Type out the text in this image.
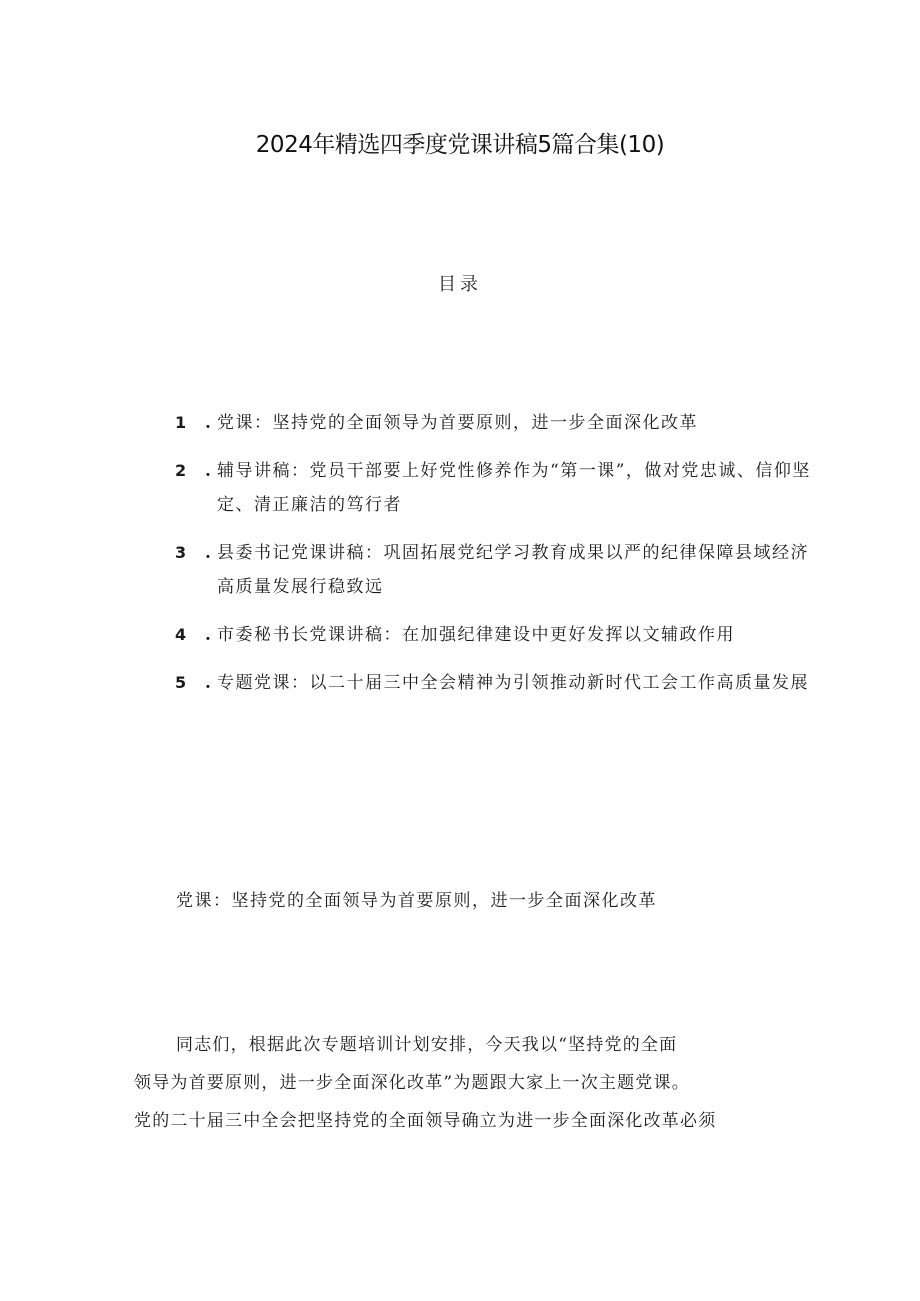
2024年精选四季度党课讲稿5篇合集(10)
目录
1	. 党课：坚持党的全面领导为首要原则，进一步全面深化改革
2	. 辅导讲稿：党员干部要上好党性修养作为“第一课”，做对党忠诚、信仰坚定、清正廉洁的笃行者
3	. 县委书记党课讲稿：巩固拓展党纪学习教育成果以严的纪律保障县域经济高质量发展行稳致远
4	. 市委秘书长党课讲稿：在加强纪律建设中更好发挥以文辅政作用
5	. 专题党课：以二十届三中全会精神为引领推动新时代工会工作高质量发展
党课：坚持党的全面领导为首要原则，进一步全面深化改革
同志们，根据此次专题培训计划安排，今天我以“坚持党的全面
领导为首要原则，进一步全面深化改革”为题跟大家上一次主题党课。
党的二十届三中全会把坚持党的全面领导确立为进一步全面深化改革必须
